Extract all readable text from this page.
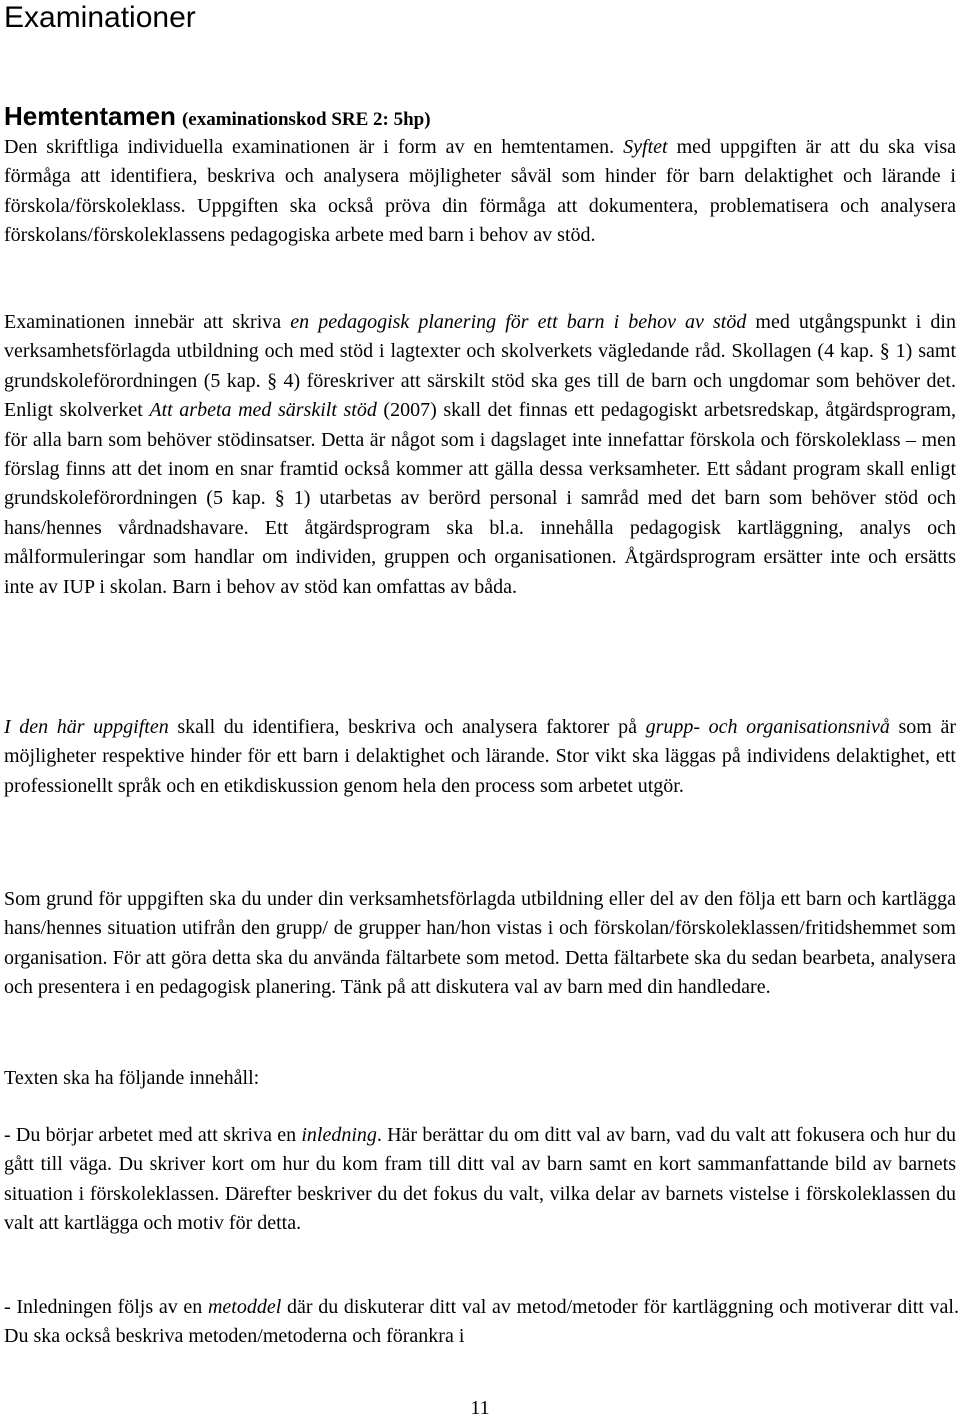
Examinationer
Hemtentamen (examinationskod SRE 2: 5hp)

Den skriftliga individuella examinationen är i form av en hemtentamen. Syftet med uppgiften är att du ska visa förmåga att identifiera, beskriva och analysera möjligheter såväl som hinder för barn delaktighet och lärande i förskola/förskoleklass. Uppgiften ska också pröva din förmåga att dokumentera, problematisera och analysera förskolans/förskoleklassens pedagogiska arbete med barn i behov av stöd.

Examinationen innebär att skriva en pedagogisk planering för ett barn i behov av stöd med utgångspunkt i din verksamhetsförlagda utbildning och med stöd i lagtexter och skolverkets vägledande råd. Skollagen (4 kap. § 1) samt grundskoleförordningen (5 kap. § 4) föreskriver att särskilt stöd ska ges till de barn och ungdomar som behöver det. Enligt skolverket Att arbeta med särskilt stöd (2007) skall det finnas ett pedagogiskt arbetsredskap, åtgärdsprogram, för alla barn som behöver stödinsatser. Detta är något som i dagslaget inte innefattar förskola och förskoleklass – men förslag finns att det inom en snar framtid också kommer att gälla dessa verksamheter. Ett sådant program skall enligt grundskoleförordningen (5 kap. § 1) utarbetas av berörd personal i samråd med det barn som behöver stöd och hans/hennes vårdnadshavare. Ett åtgärdsprogram ska bl.a. innehålla pedagogisk kartläggning, analys och målformuleringar som handlar om individen, gruppen och organisationen. Åtgärdsprogram ersätter inte och ersätts inte av IUP i skolan. Barn i behov av stöd kan omfattas av båda.

I den här uppgiften skall du identifiera, beskriva och analysera faktorer på grupp- och organisationsnivå som är möjligheter respektive hinder för ett barn i delaktighet och lärande. Stor vikt ska läggas på individens delaktighet, ett professionellt språk och en etikdiskussion genom hela den process som arbetet utgör.

Som grund för uppgiften ska du under din verksamhetsförlagda utbildning eller del av den följa ett barn och kartlägga hans/hennes situation utifrån den grupp/ de grupper han/hon vistas i och förskolan/förskoleklassen/fritidshemmet som organisation. För att göra detta ska du använda fältarbete som metod. Detta fältarbete ska du sedan bearbeta, analysera och presentera i en pedagogisk planering. Tänk på att diskutera val av barn med din handledare.

Texten ska ha följande innehåll:

- Du börjar arbetet med att skriva en inledning. Här berättar du om ditt val av barn, vad du valt att fokusera och hur du gått till väga. Du skriver kort om hur du kom fram till ditt val av barn samt en kort sammanfattande bild av barnets situation i förskoleklassen. Därefter beskriver du det fokus du valt, vilka delar av barnets vistelse i förskoleklassen du valt att kartlägga och motiv för detta.

- Inledningen följs av en metoddel där du diskuterar ditt val av metod/metoder för kartläggning och motiverar ditt val. Du ska också beskriva metoden/metoderna och förankra i

11
